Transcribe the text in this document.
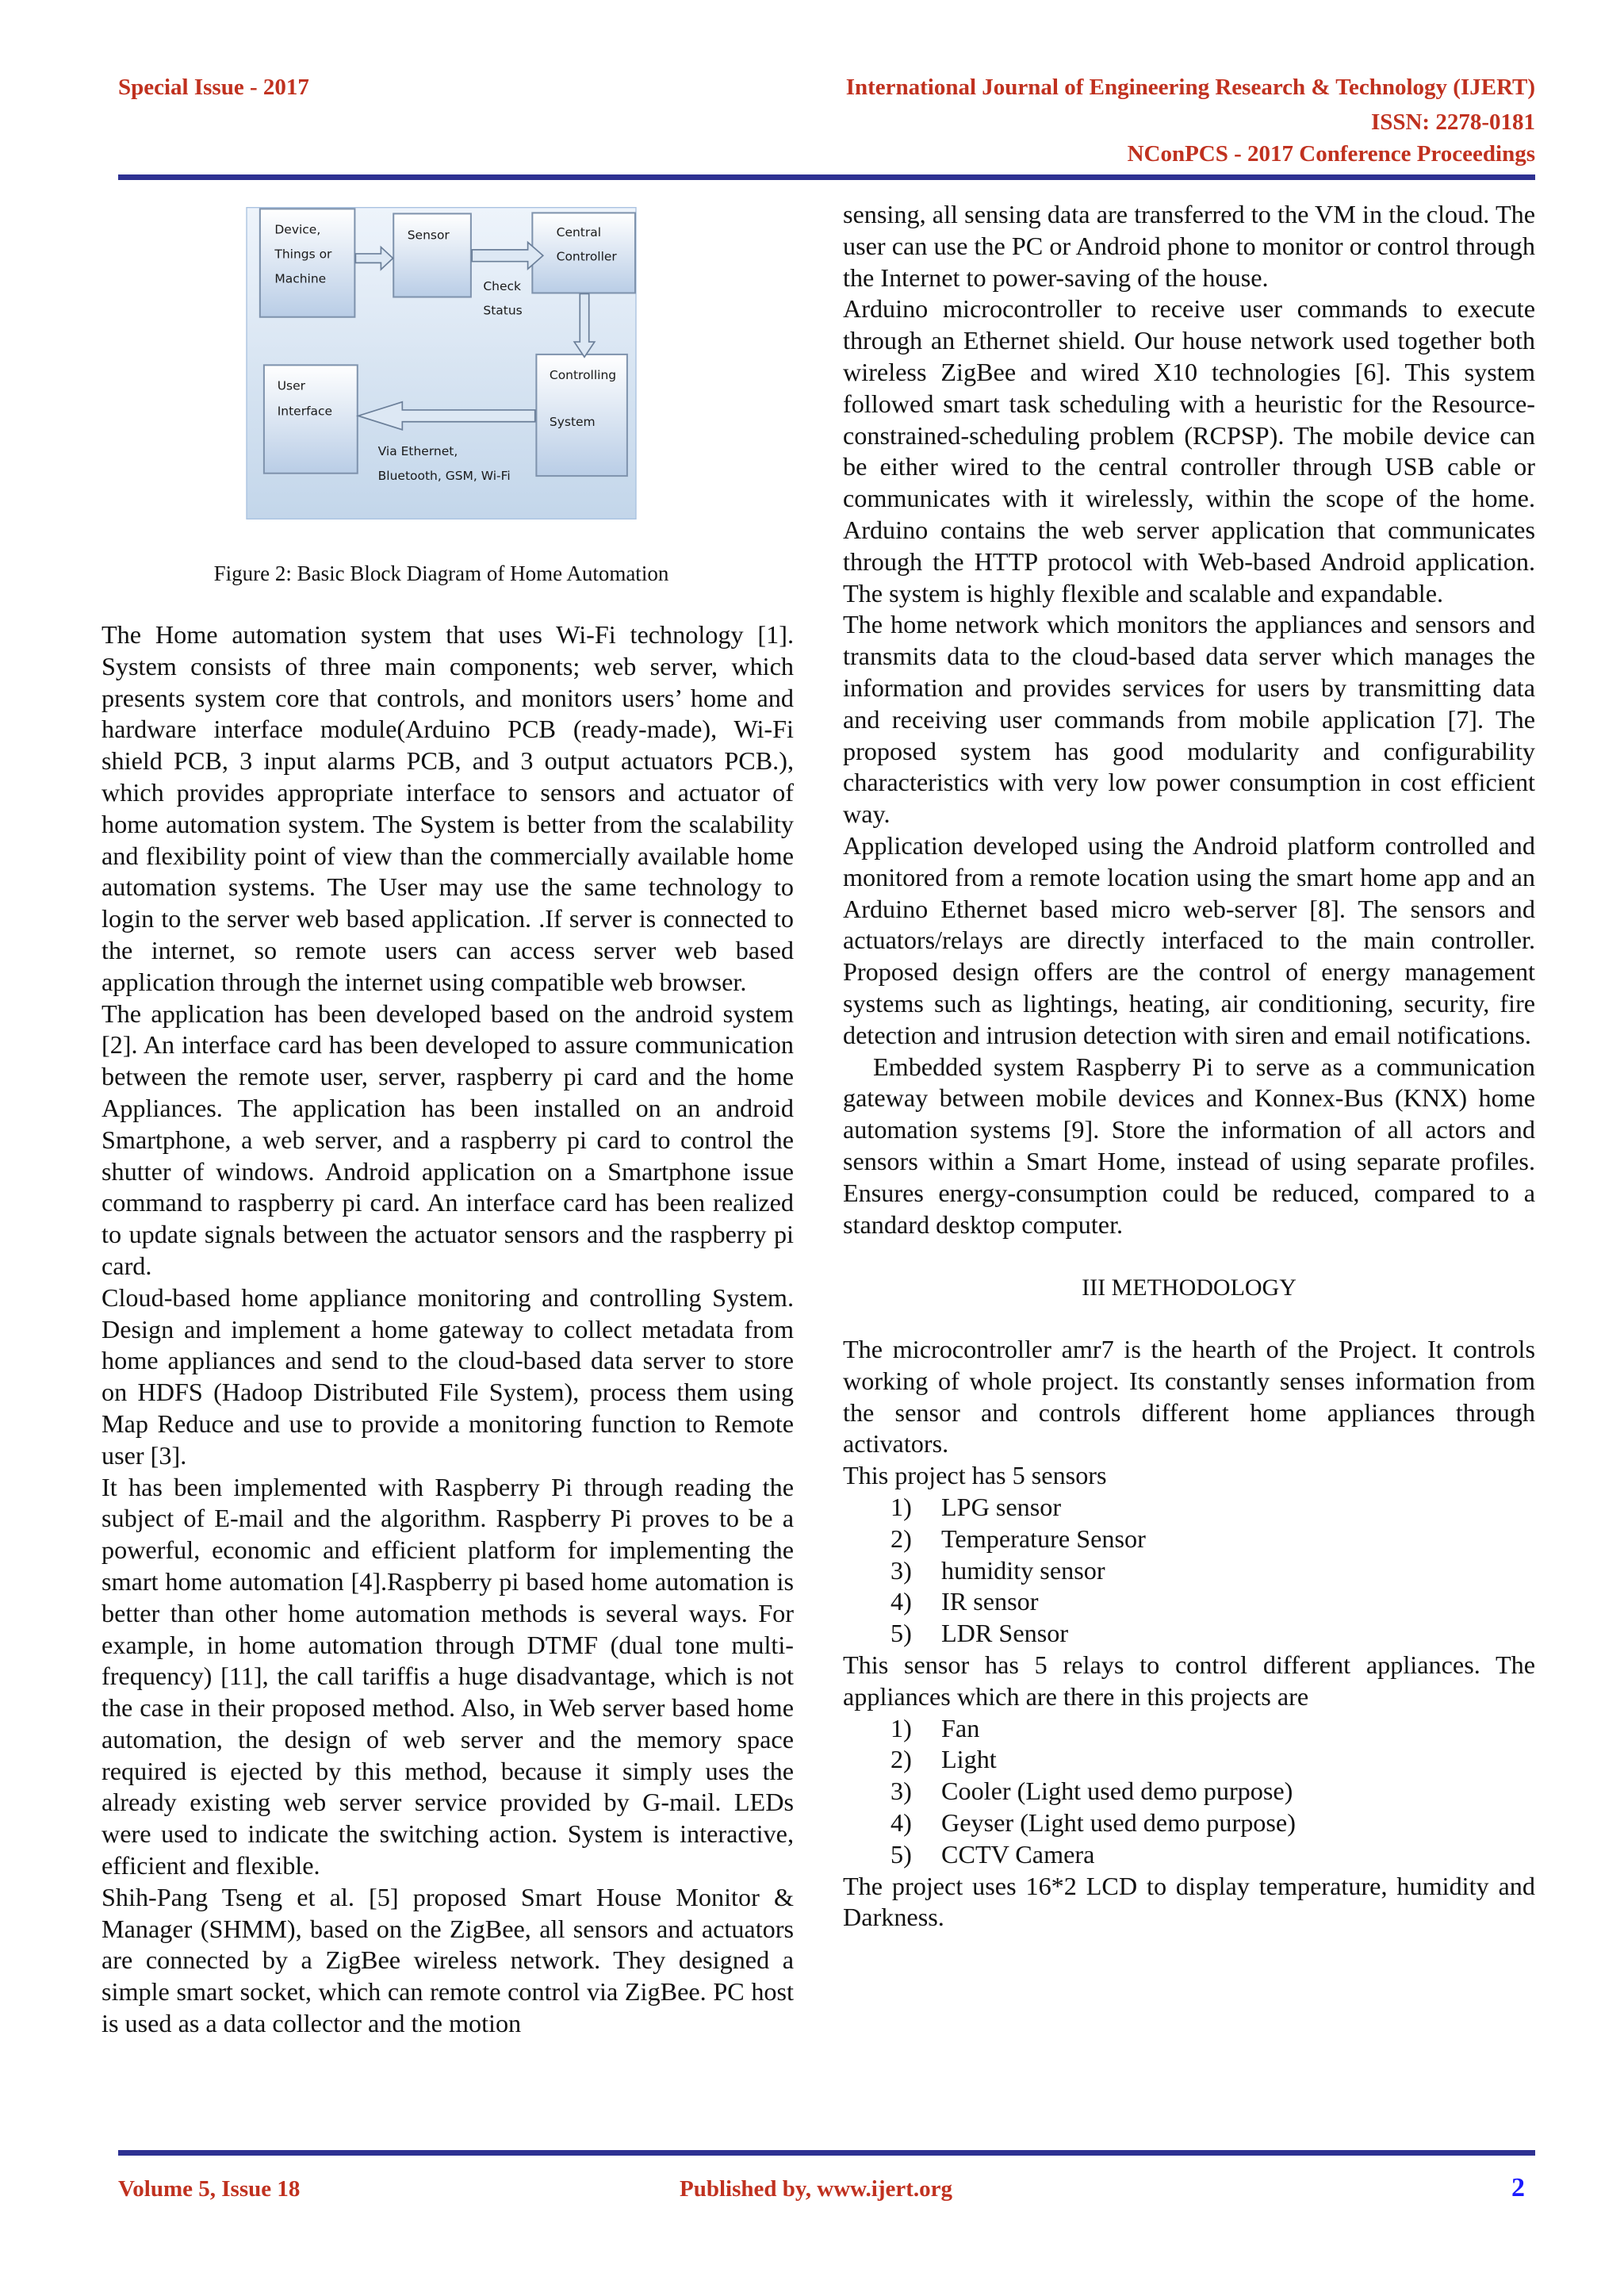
Special Issue - 2017	International Journal of Engineering Research & Technology (IJERT)
ISSN: 2278-0181
NConPCS - 2017 Conference Proceedings
Device, Things or Machine
Sensor	Central Controller
Check Status
Controlling System
User Interface
Via Ethernet, Bluetooth, GSM, Wi-Fi
Figure 2: Basic Block Diagram of Home Automation

The Home automation system that uses Wi-Fi technology [1]. System consists of three main components; web server, which presents system core that controls, and monitors users’ home and hardware interface module(Arduino PCB (ready-made), Wi-Fi shield PCB, 3 input alarms PCB, and 3 output actuators PCB.), which provides appropriate interface to sensors and actuator of home automation system. The System is better from the scalability and flexibility point of view than the commercially available home automation systems. The User may use the same technology to login to the server web based application. .If server is connected to the internet, so remote users can access server web based application through the internet using compatible web browser.

The application has been developed based on the android system [2]. An interface card has been developed to assure communication between the remote user, server, raspberry pi card and the home Appliances. The application has been installed on an android Smartphone, a web server, and a raspberry pi card to control the shutter of windows. Android application on a Smartphone issue command to raspberry pi card. An interface card has been realized to update signals between the actuator sensors and the raspberry pi card.

Cloud-based home appliance monitoring and controlling System. Design and implement a home gateway to collect metadata from home appliances and send to the cloud-based data server to store on HDFS (Hadoop Distributed File System), process them using Map Reduce and use to provide a monitoring function to Remote user [3].

It has been implemented with Raspberry Pi through reading the subject of E-mail and the algorithm. Raspberry Pi proves to be a powerful, economic and efficient platform for implementing the smart home automation [4].Raspberry pi based home automation is better than other home automation methods is several ways. For example, in home automation through DTMF (dual tone multi-frequency) [11], the call tariffis a huge disadvantage, which is not the case in their proposed method. Also, in Web server based home automation, the design of web server and the memory space required is ejected by this method, because it simply uses the already existing web server service provided by G-mail. LEDs were used to indicate the switching action. System is interactive, efficient and flexible.

Shih-Pang Tseng et al. [5] proposed Smart House Monitor & Manager (SHMM), based on the ZigBee, all sensors and actuators are connected by a ZigBee wireless network. They designed a simple smart socket, which can remote control via ZigBee. PC host is used as a data collector and the motion

sensing, all sensing data are transferred to the VM in the cloud. The user can use the PC or Android phone to monitor or control through the Internet to power-saving of the house.

Arduino microcontroller to receive user commands to execute through an Ethernet shield. Our house network used together both wireless ZigBee and wired X10 technologies [6]. This system followed smart task scheduling with a heuristic for the Resource-constrained-scheduling problem (RCPSP). The mobile device can be either wired to the central controller through USB cable or communicates with it wirelessly, within the scope of the home. Arduino contains the web server application that communicates through the HTTP protocol with Web-based Android application. The system is highly flexible and scalable and expandable.

The home network which monitors the appliances and sensors and transmits data to the cloud-based data server which manages the information and provides services for users by transmitting data and receiving user commands from mobile application [7]. The proposed system has good modularity and configurability characteristics with very low power consumption in cost efficient way.

Application developed using the Android platform controlled and monitored from a remote location using the smart home app and an Arduino Ethernet based micro web-server [8]. The sensors and actuators/relays are directly interfaced to the main controller. Proposed design offers are the control of energy management systems such as lightings, heating, air conditioning, security, fire detection and intrusion detection with siren and email notifications.

Embedded system Raspberry Pi to serve as a communication gateway between mobile devices and Konnex-Bus (KNX) home automation systems [9]. Store the information of all actors and sensors within a Smart Home, instead of using separate profiles. Ensures energy-consumption could be reduced, compared to a standard desktop computer.

III METHODOLOGY

The microcontroller amr7 is the hearth of the Project. It controls working of whole project. Its constantly senses information from the sensor and controls different home appliances through activators.

This project has 5 sensors

1)	LPG sensor
2)	Temperature Sensor
3)	humidity sensor
4)	IR sensor
5)	LDR Sensor

This sensor has 5 relays to control different appliances. The appliances which are there in this projects are

1)	Fan
2)	Light
3)	Cooler (Light used demo purpose)
4)	Geyser (Light used demo purpose)
5)	CCTV Camera

The project uses 16*2 LCD to display temperature, humidity and Darkness.

Volume 5, Issue 18	Published by, www.ijert.org	2
